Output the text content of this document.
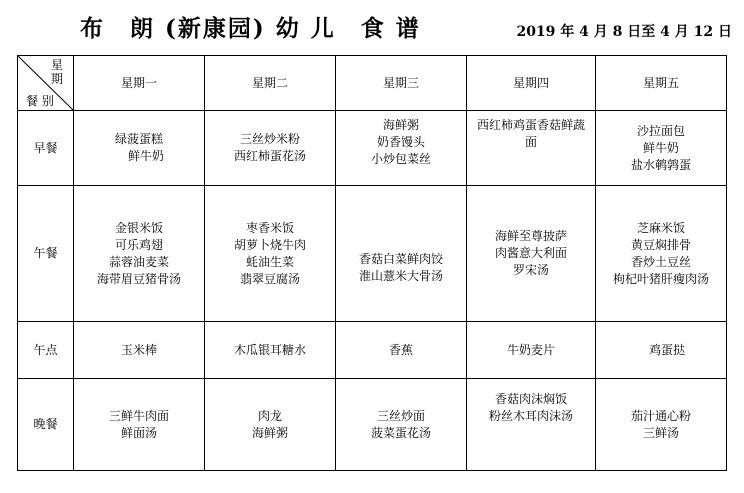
布　朗 (新康园) 幼 儿　食 谱	2019 年 4 月 8 日至 4 月 12 日
星
期
餐 别	星期一	星期二	星期三	星期四	星期五
早餐	绿菠蛋糕
鲜牛奶	三丝炒米粉
西红柿蛋花汤	海鲜粥
奶香馒头
小炒包菜丝	西红柿鸡蛋香菇鲜蔬
面	沙拉面包
鲜牛奶
盐水鹌鹑蛋

午餐	金银米饭
可乐鸡翅
蒜蓉油麦菜
海带眉豆猪骨汤	枣香米饭
胡萝卜烧牛肉
蚝油生菜
翡翠豆腐汤	香菇白菜鲜肉饺
淮山薏米大骨汤	海鲜至尊披萨
肉酱意大利面
罗宋汤	芝麻米饭
黄豆焖排骨
香炒土豆丝
枸杞叶猪肝瘦肉汤

午点	玉米棒	木瓜银耳糖水	香蕉	牛奶麦片	鸡蛋挞

晚餐	三鲜牛肉面
鲜面汤	肉龙
海鲜粥	三丝炒面
菠菜蛋花汤	香菇肉沫焖饭
粉丝木耳肉沫汤	茄汁通心粉
三鲜汤
